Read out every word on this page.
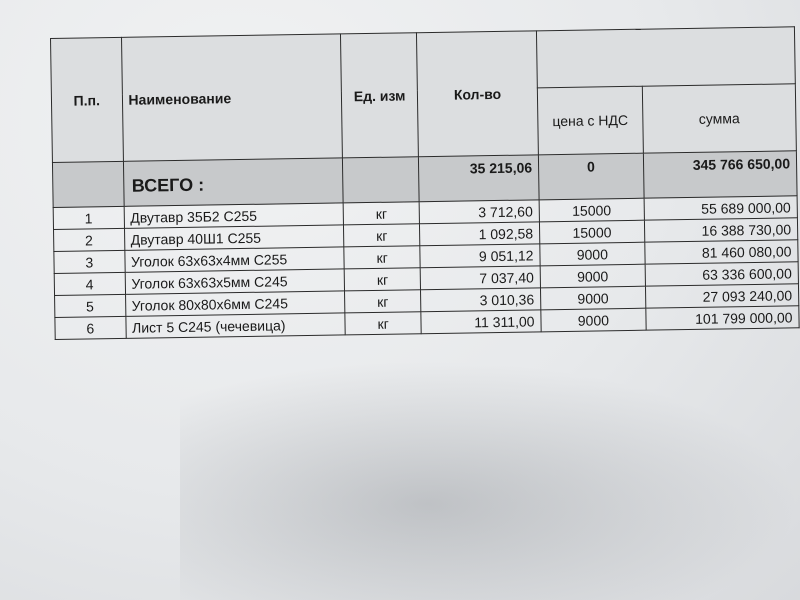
П.п.	Наименование	Ед. изм	Кол-во		
				цена с НДС	сумма
	ВСЕГО :		35 215,06	0	345 766 650,00
1	Двутавр 35Б2 С255	кг	3 712,60	15000	55 689 000,00
2	Двутавр 40Ш1 С255	кг	1 092,58	15000	16 388 730,00
3	Уголок 63х63х4мм С255	кг	9 051,12	9000	81 460 080,00
4	Уголок 63х63х5мм С245	кг	7 037,40	9000	63 336 600,00
5	Уголок 80х80х6мм С245	кг	3 010,36	9000	27 093 240,00
6	Лист 5 С245 (чечевица)	кг	11 311,00	9000	101 799 000,00
